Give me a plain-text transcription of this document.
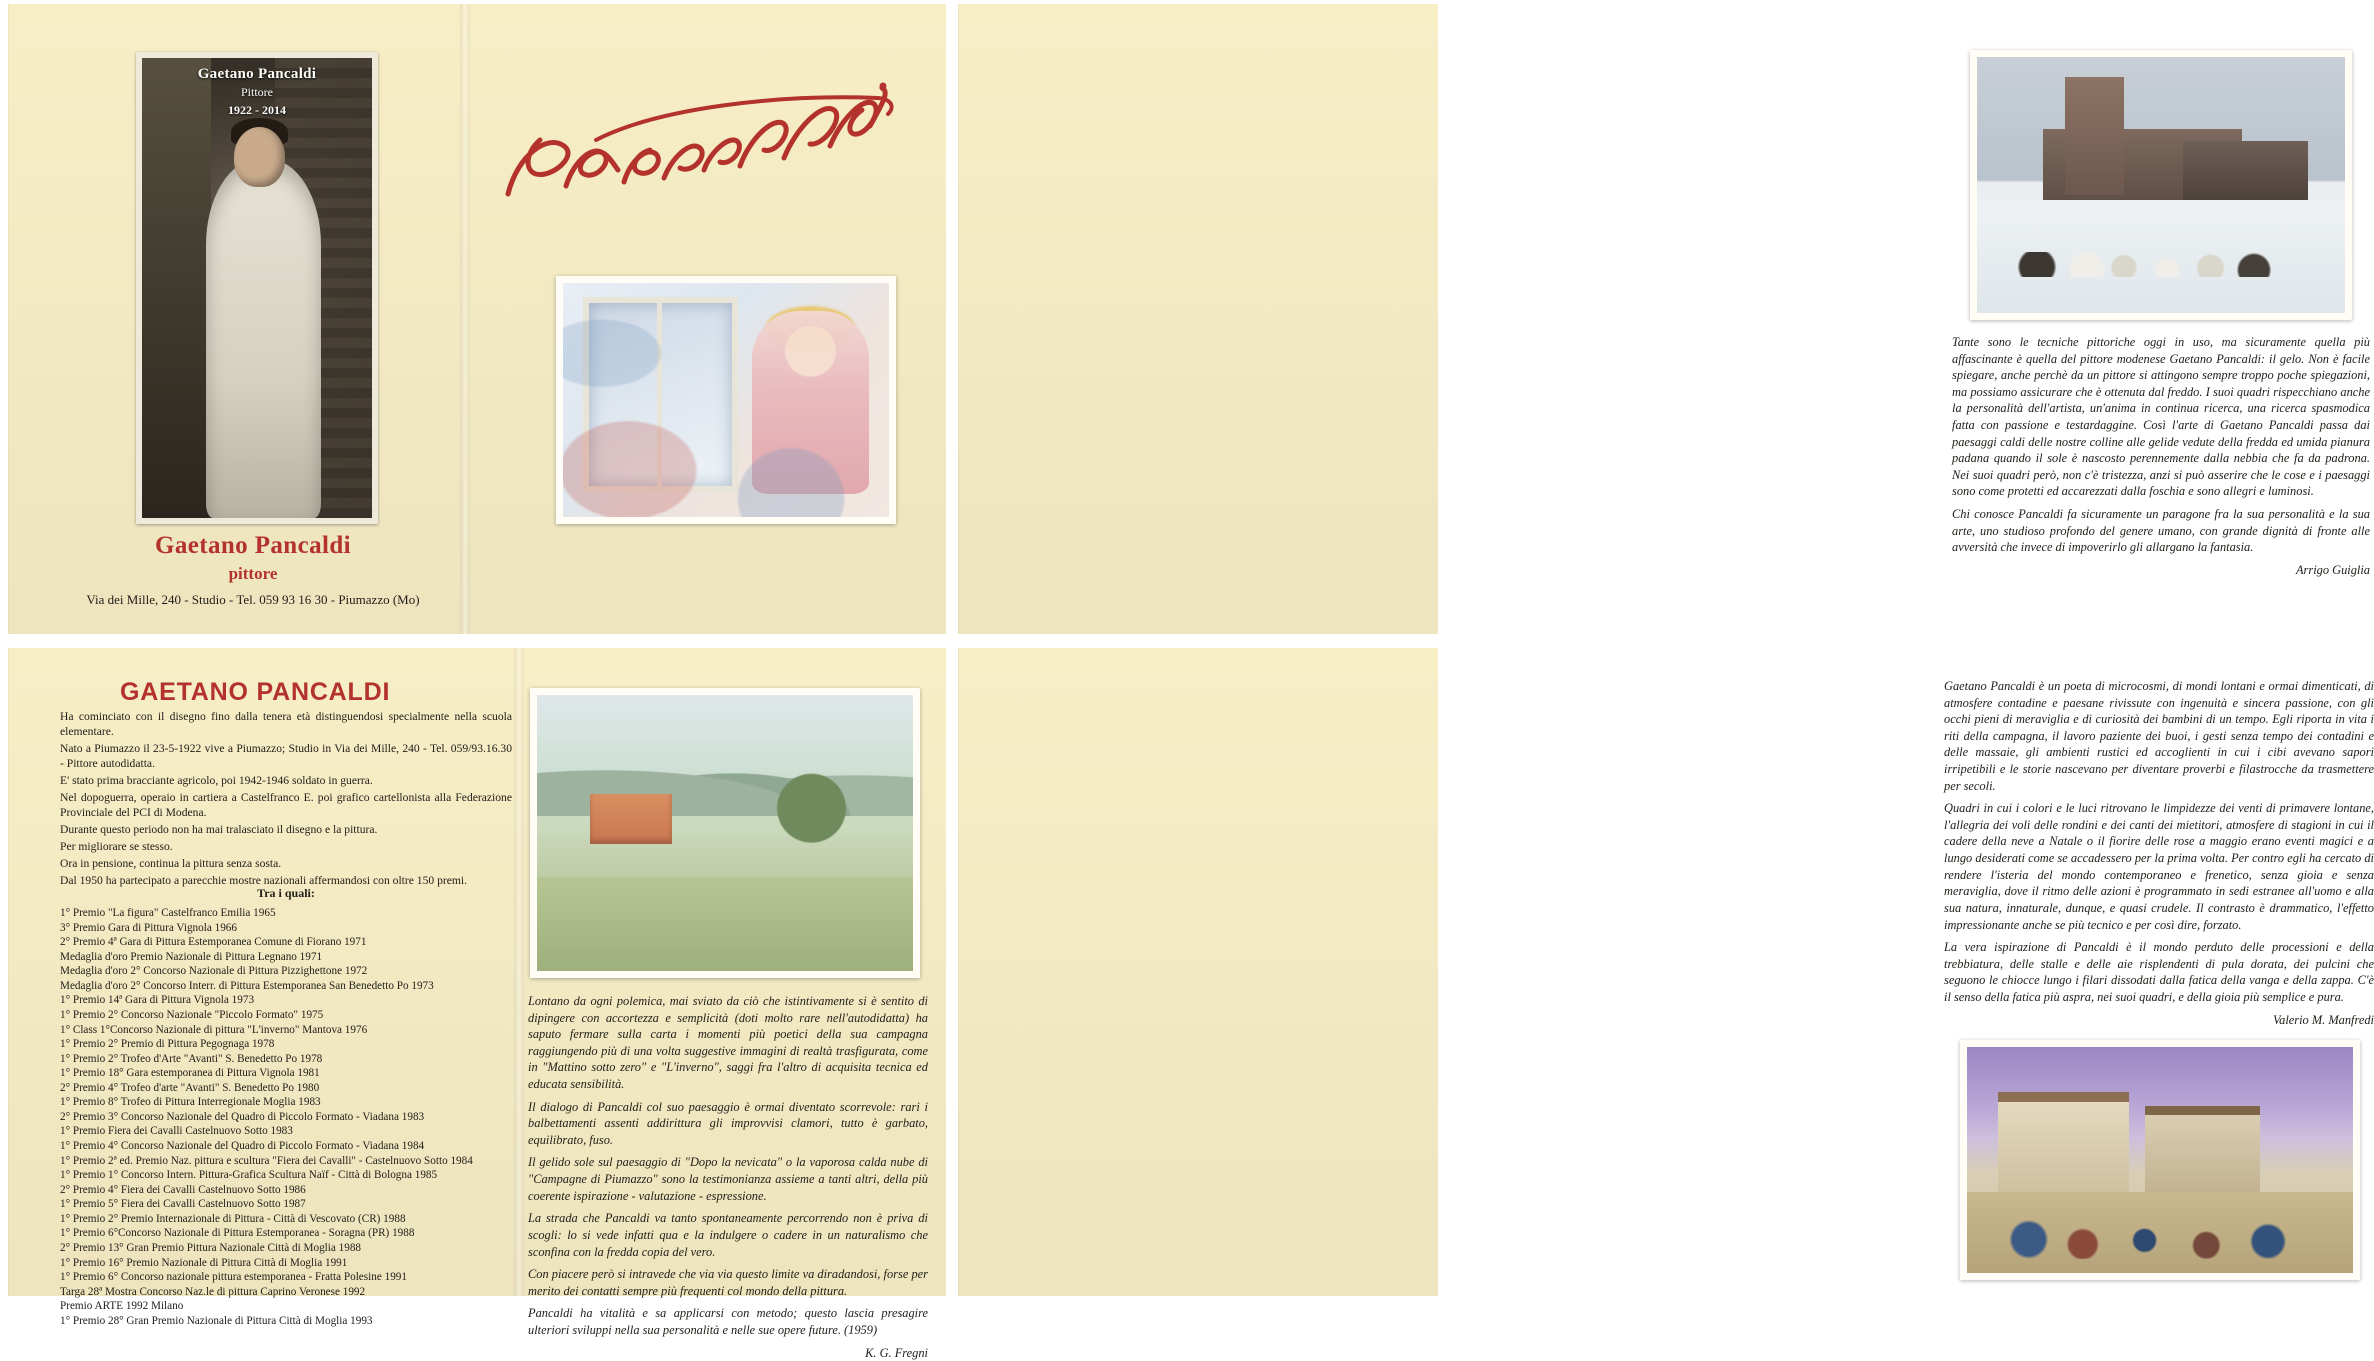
Gaetano Pancaldi
Pittore
1922 - 2014
Gaetano Pancaldi
pittore
Via dei Mille, 240 - Studio - Tel. 059 93 16 30 - Piumazzo (Mo)

Tante sono le tecniche pittoriche oggi in uso, ma sicuramente quella più affascinante è quella del pittore modenese Gaetano Pancaldi: il gelo. Non è facile spiegare, anche perchè da un pittore si attingono sempre troppo poche spiegazioni, ma possiamo assicurare che è ottenuta dal freddo. I suoi quadri rispecchiano anche la personalità dell'artista, un'anima in continua ricerca, una ricerca spasmodica fatta con passione e testardaggine. Così l'arte di Gaetano Pancaldi passa dai paesaggi caldi delle nostre colline alle gelide vedute della fredda ed umida pianura padana quando il sole è nascosto perennemente dalla nebbia che fa da padrona. Nei suoi quadri però, non c'è tristezza, anzi si può asserire che le cose e i paesaggi sono come protetti ed accarezzati dalla foschia e sono allegri e luminosi.

Chi conosce Pancaldi fa sicuramente un paragone fra la sua personalità e la sua arte, uno studioso profondo del genere umano, con grande dignità di fronte alle avversità che invece di impoverirlo gli allargano la fantasia.

Arrigo Guiglia
GAETANO PANCALDI

Ha cominciato con il disegno fino dalla tenera età distinguendosi specialmente nella scuola elementare.

Nato a Piumazzo il 23-5-1922 vive a Piumazzo; Studio in Via dei Mille, 240 - Tel. 059/93.16.30 - Pittore autodidatta.

E' stato prima bracciante agricolo, poi 1942-1946 soldato in guerra.

Nel dopoguerra, operaio in cartiera a Castelfranco E. poi grafico cartellonista alla Federazione Provinciale del PCI di Modena.

Durante questo periodo non ha mai tralasciato il disegno e la pittura.

Per migliorare se stesso.

Ora in pensione, continua la pittura senza sosta.

Dal 1950 ha partecipato a parecchie mostre nazionali affermandosi con oltre 150 premi.

Tra i quali:
1° Premio "La figura" Castelfranco Emilia 1965
3° Premio Gara di Pittura Vignola 1966
2° Premio 4ª Gara di Pittura Estemporanea Comune di Fiorano 1971
Medaglia d'oro Premio Nazionale di Pittura Legnano 1971
Medaglia d'oro 2° Concorso Nazionale di Pittura Pizzighettone 1972
Medaglia d'oro 2° Concorso Interr. di Pittura Estemporanea San Benedetto Po 1973
1° Premio 14ª Gara di Pittura Vignola 1973
1° Premio 2° Concorso Nazionale "Piccolo Formato" 1975
1° Class 1°Concorso Nazionale di pittura "L'inverno" Mantova 1976
1° Premio 2° Premio di Pittura Pegognaga 1978
1° Premio 2° Trofeo d'Arte "Avanti" S. Benedetto Po 1978
1° Premio 18° Gara estemporanea di Pittura Vignola 1981
2° Premio 4° Trofeo d'arte "Avanti" S. Benedetto Po 1980
1° Premio 8° Trofeo di Pittura Interregionale Moglia 1983
2° Premio 3° Concorso Nazionale del Quadro di Piccolo Formato - Viadana 1983
1° Premio Fiera dei Cavalli Castelnuovo Sotto 1983
1° Premio 4° Concorso Nazionale del Quadro di Piccolo Formato - Viadana 1984
1° Premio 2ª ed. Premio Naz. pittura e scultura "Fiera dei Cavalli" - Castelnuovo Sotto 1984
1° Premio 1° Concorso Intern. Pittura-Grafica Scultura Naïf - Città di Bologna 1985
2° Premio 4° Fiera dei Cavalli Castelnuovo Sotto 1986
1° Premio 5° Fiera dei Cavalli Castelnuovo Sotto 1987
1° Premio 2° Premio Internazionale di Pittura - Città di Vescovato (CR) 1988
1° Premio 6°Concorso Nazionale di Pittura Estemporanea - Soragna (PR) 1988
2° Premio 13° Gran Premio Pittura Nazionale Città di Moglia 1988
1° Premio 16° Premio Nazionale di Pittura Città di Moglia 1991
1° Premio 6° Concorso nazionale pittura estemporanea - Fratta Polesine 1991
Targa 28ª Mostra Concorso Naz.le di pittura Caprino Veronese 1992
Premio ARTE 1992 Milano
1° Premio 28° Gran Premio Nazionale di Pittura Città di Moglia 1993

Lontano da ogni polemica, mai sviato da ciò che istintivamente si è sentito di dipingere con accortezza e semplicità (doti molto rare nell'autodidatta) ha saputo fermare sulla carta i momenti più poetici della sua campagna raggiungendo più di una volta suggestive immagini di realtà trasfigurata, come in "Mattino sotto zero" e "L'inverno", saggi fra l'altro di acquisita tecnica ed educata sensibilità.

Il dialogo di Pancaldi col suo paesaggio è ormai diventato scorrevole: rari i balbettamenti assenti addirittura gli improvvisi clamori, tutto è garbato, equilibrato, fuso.

Il gelido sole sul paesaggio di "Dopo la nevicata" o la vaporosa calda nube di "Campagne di Piumazzo" sono la testimonianza assieme a tanti altri, della più coerente ispirazione - valutazione - espressione.

La strada che Pancaldi va tanto spontaneamente percorrendo non è priva di scogli: lo si vede infatti qua e la indulgere o cadere in un naturalismo che sconfina con la fredda copia del vero.

Con piacere però si intravede che via via questo limite va diradandosi, forse per merito dei contatti sempre più frequenti col mondo della pittura.

Pancaldi ha vitalità e sa applicarsi con metodo; questo lascia presagire ulteriori sviluppi nella sua personalità e nelle sue opere future. (1959)

K. G. Fregni

Gaetano Pancaldi è un poeta di microcosmi, di mondi lontani e ormai dimenticati, di atmosfere contadine e paesane rivissute con ingenuità e sincera passione, con gli occhi pieni di meraviglia e di curiosità dei bambini di un tempo. Egli riporta in vita i riti della campagna, il lavoro paziente dei buoi, i gesti senza tempo dei contadini e delle massaie, gli ambienti rustici ed accoglienti in cui i cibi avevano sapori irripetibili e le storie nascevano per diventare proverbi e filastrocche da trasmettere per secoli.

Quadri in cui i colori e le luci ritrovano le limpidezze dei venti di primavere lontane, l'allegria dei voli delle rondini e dei canti dei mietitori, atmosfere di stagioni in cui il cadere della neve a Natale o il fiorire delle rose a maggio erano eventi magici e a lungo desiderati come se accadessero per la prima volta. Per contro egli ha cercato di rendere l'isteria del mondo contemporaneo e frenetico, senza gioia e senza meraviglia, dove il ritmo delle azioni è programmato in sedi estranee all'uomo e alla sua natura, innaturale, dunque, e quasi crudele. Il contrasto è drammatico, l'effetto impressionante anche se più tecnico e per così dire, forzato.

La vera ispirazione di Pancaldi è il mondo perduto delle processioni e della trebbiatura, delle stalle e delle aie risplendenti di pula dorata, dei pulcini che seguono le chiocce lungo i filari dissodati dalla fatica della vanga e della zappa. C'è il senso della fatica più aspra, nei suoi quadri, e della gioia più semplice e pura.

Valerio M. Manfredi
